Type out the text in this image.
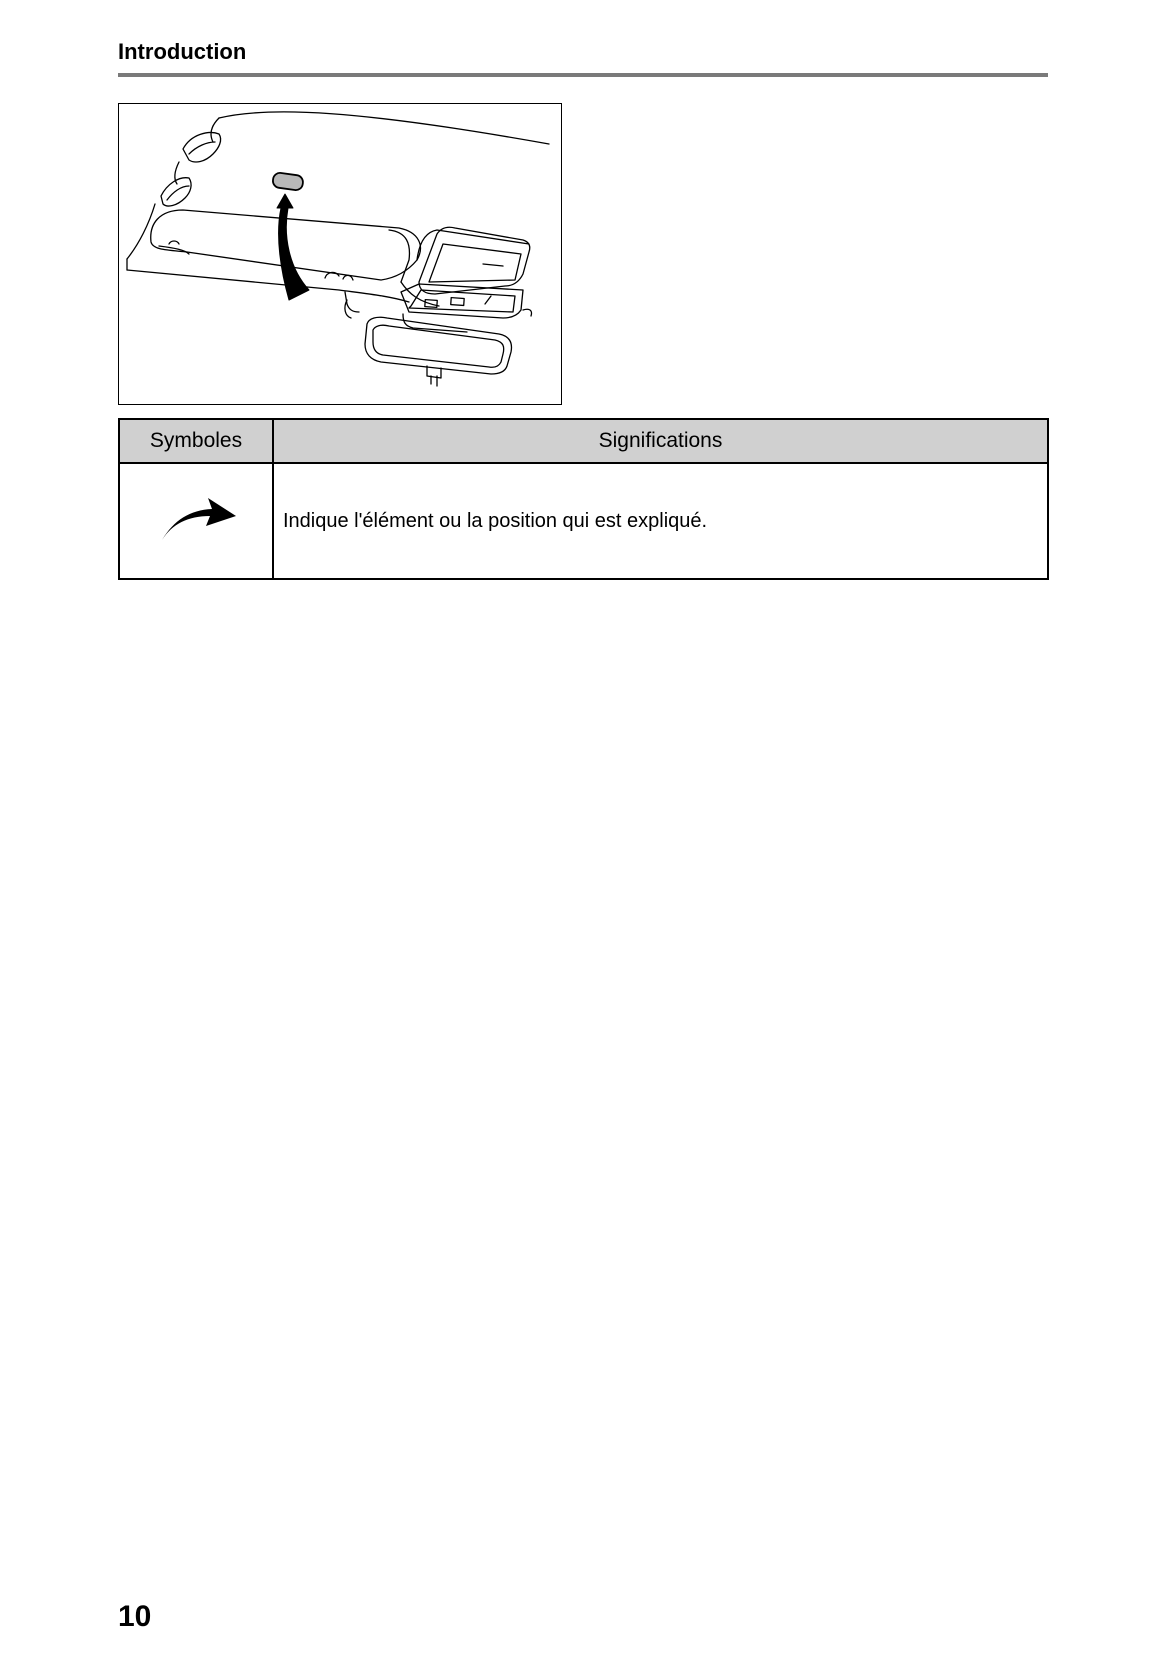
Introduction
Symboles	Significations
	Indique l'élément ou la position qui est expliqué.
10
